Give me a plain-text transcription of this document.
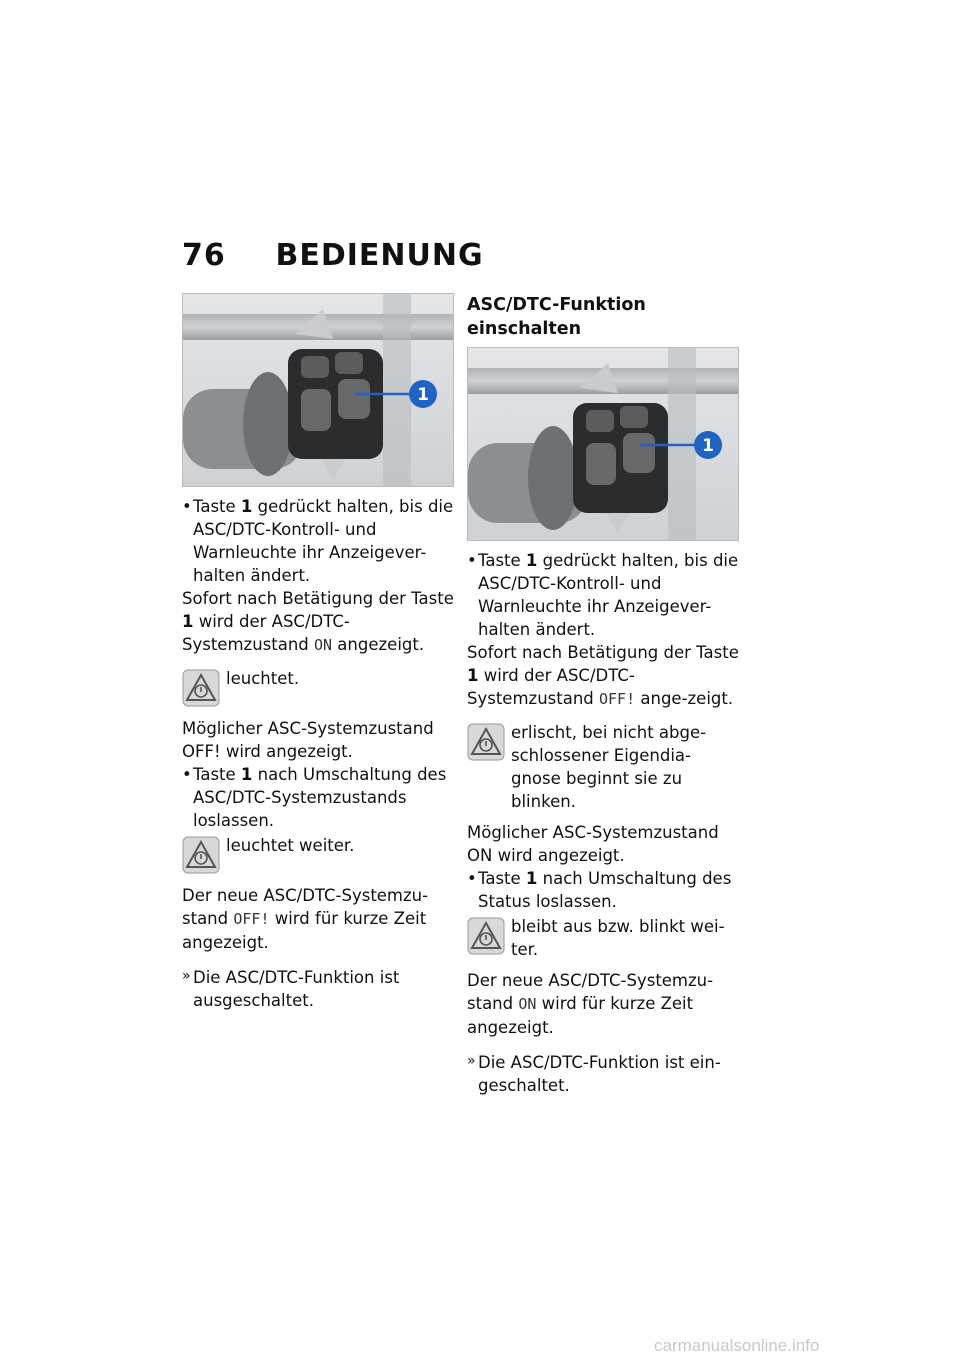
76 BEDIENUNG
1

• Taste 1 gedrückt halten, bis die ASC/DTC-Kontroll- und Warnleuchte ihr Anzeigever-halten ändert.

Sofort nach Betätigung der Taste 1 wird der ASC/DTC-Systemzustand ON angezeigt.

leuchtet.

Möglicher ASC-Systemzustand OFF! wird angezeigt.

• Taste 1 nach Umschaltung des ASC/DTC-Systemzustands loslassen.

leuchtet weiter.

Der neue ASC/DTC-Systemzu-stand OFF! wird für kurze Zeit angezeigt.

» Die ASC/DTC-Funktion ist ausgeschaltet.

ASC/DTC-Funktion einschalten

1

• Taste 1 gedrückt halten, bis die ASC/DTC-Kontroll- und Warnleuchte ihr Anzeigever-halten ändert.

Sofort nach Betätigung der Taste 1 wird der ASC/DTC-Systemzustand OFF! ange-zeigt.

erlischt, bei nicht abge-schlossener Eigendia-gnose beginnt sie zu blinken.

Möglicher ASC-Systemzustand ON wird angezeigt.

• Taste 1 nach Umschaltung des Status loslassen.

bleibt aus bzw. blinkt wei-ter.

Der neue ASC/DTC-Systemzu-stand ON wird für kurze Zeit angezeigt.

» Die ASC/DTC-Funktion ist ein-geschaltet.

carmanualsonline.info
